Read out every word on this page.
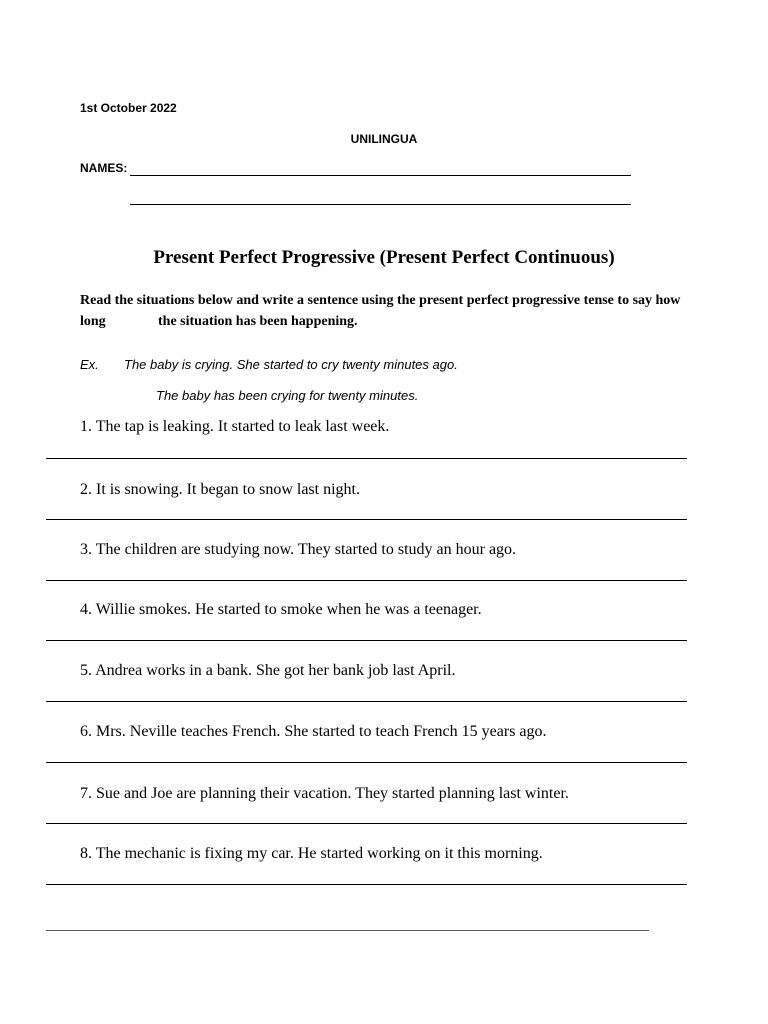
1st October 2022
UNILINGUA
NAMES:
Present Perfect Progressive (Present Perfect Continuous)
Read the situations below and write a sentence using the present perfect progressive tense to say how
long	the situation has been happening.
Ex. The baby is crying. She started to cry twenty minutes ago.
The baby has been crying for twenty minutes.
1. The tap is leaking. It started to leak last week.
2. It is snowing. It began to snow last night.
3. The children are studying now. They started to study an hour ago.
4. Willie smokes. He started to smoke when he was a teenager.
5. Andrea works in a bank. She got her bank job last April.
6. Mrs. Neville teaches French. She started to teach French 15 years ago.
7. Sue and Joe are planning their vacation. They started planning last winter.
8. The mechanic is fixing my car. He started working on it this morning.
